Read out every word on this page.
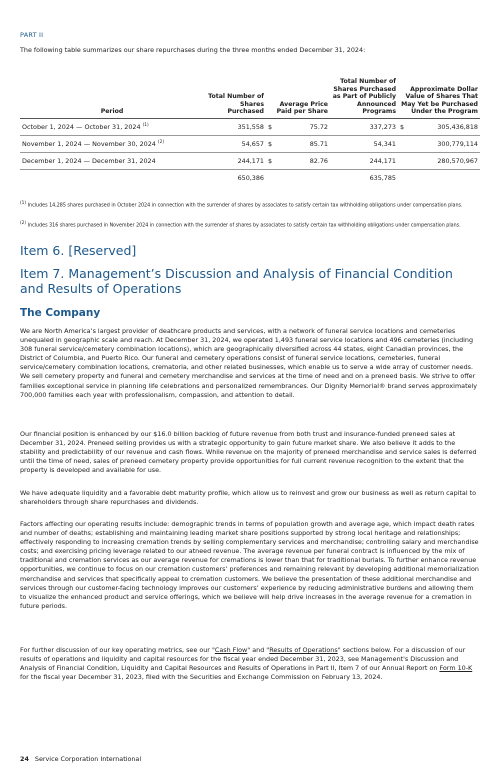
PART II
The following table summarizes our share repurchases during the three months ended December 31, 2024:
Period	Total Number of Shares Purchased	Average Price Paid per Share		Total Number of Shares Purchased as Part of Publicly Announced Programs	Approximate Dollar Value of Shares That May Yet be Purchased Under the Program	
October 1, 2024 — October 31, 2024 $^{(1)}$	351,558	$	75.72	337,273	$	305,436,818
November 1, 2024 — November 30, 2024 $^{(2)}$	54,657	$	85.71	54,341		300,779,114
December 1, 2024 — December 31, 2024	244,171	$	82.76	244,171		280,570,967
	650,386			635,785		
$^{(1)}$ Includes 14,285 shares purchased in October 2024 in connection with the surrender of shares by associates to satisfy certain tax withholding obligations under compensation plans.
$^{(2)}$ Includes 316 shares purchased in November 2024 in connection with the surrender of shares by associates to satisfy certain tax withholding obligations under compensation plans.
Item 6. [Reserved]
Item 7. Management’s Discussion and Analysis of Financial Condition and Results of Operations
The Company

We are North America’s largest provider of deathcare products and services, with a network of funeral service locations and cemeteries unequaled in geographic scale and reach. At December 31, 2024, we operated 1,493 funeral service locations and 496 cemeteries (including 308 funeral service/cemetery combination locations), which are geographically diversified across 44 states, eight Canadian provinces, the District of Columbia, and Puerto Rico. Our funeral and cemetery operations consist of funeral service locations, cemeteries, funeral service/cemetery combination locations, crematoria, and other related businesses, which enable us to serve a wide array of customer needs. We sell cemetery property and funeral and cemetery merchandise and services at the time of need and on a preneed basis. We strive to offer families exceptional service in planning life celebrations and personalized remembrances. Our Dignity Memorial® brand serves approximately 700,000 families each year with professionalism, compassion, and attention to detail.

Our financial position is enhanced by our $16.0 billion backlog of future revenue from both trust and insurance-funded preneed sales at December 31, 2024. Preneed selling provides us with a strategic opportunity to gain future market share. We also believe it adds to the stability and predictability of our revenue and cash flows. While revenue on the majority of preneed merchandise and service sales is deferred until the time of need, sales of preneed cemetery property provide opportunities for full current revenue recognition to the extent that the property is developed and available for use.

We have adequate liquidity and a favorable debt maturity profile, which allow us to reinvest and grow our business as well as return capital to shareholders through share repurchases and dividends.

Factors affecting our operating results include: demographic trends in terms of population growth and average age, which impact death rates and number of deaths; establishing and maintaining leading market share positions supported by strong local heritage and relationships; effectively responding to increasing cremation trends by selling complementary services and merchandise; controlling salary and merchandise costs; and exercising pricing leverage related to our atneed revenue. The average revenue per funeral contract is influenced by the mix of traditional and cremation services as our average revenue for cremations is lower than that for traditional burials. To further enhance revenue opportunities, we continue to focus on our cremation customers’ preferences and remaining relevant by developing additional memorialization merchandise and services that specifically appeal to cremation customers. We believe the presentation of these additional merchandise and services through our customer-facing technology improves our customers’ experience by reducing administrative burdens and allowing them to visualize the enhanced product and service offerings, which we believe will help drive increases in the average revenue for a cremation in future periods.

For further discussion of our key operating metrics, see our "Cash Flow" and "Results of Operations" sections below. For a discussion of our results of operations and liquidity and capital resources for the fiscal year ended December 31, 2023, see Management's Discussion and Analysis of Financial Condition, Liquidity and Capital Resources and Results of Operations in Part II, Item 7 of our Annual Report on Form 10-K for the fiscal year December 31, 2023, filed with the Securities and Exchange Commission on February 13, 2024.

24 Service Corporation International
